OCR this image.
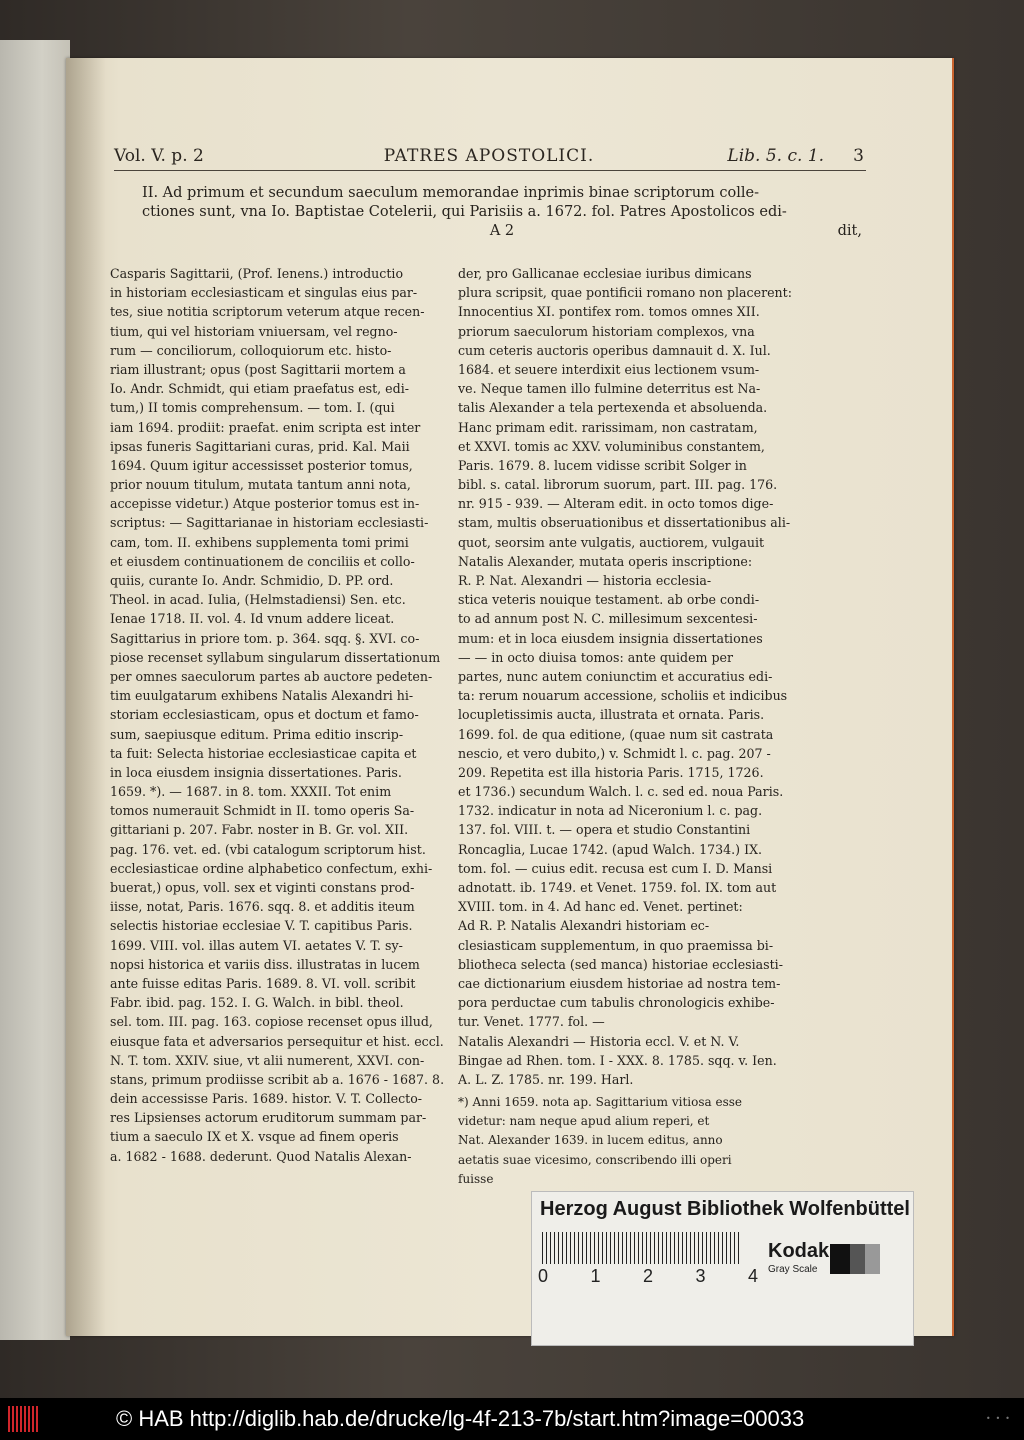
Vol. V. p. 2	PATRES APOSTOLICI.	Lib. 5. c. 1. 3
II. Ad primum et secundum saeculum memorandae inprimis binae scriptorum colle-
ctiones sunt, vna Io. Baptistae Cotelerii, qui Parisiis a. 1672. fol. Patres Apostolicos edi-
A 2	dit,
Casparis Sagittarii, (Prof. Ienens.) introductio
in historiam ecclesiasticam et singulas eius par-
tes, siue notitia scriptorum veterum atque recen-
tium, qui vel historiam vniuersam, vel regno-
rum — conciliorum, colloquiorum etc. histo-
riam illustrant; opus (post Sagittarii mortem a
Io. Andr. Schmidt, qui etiam praefatus est, edi-
tum,) II tomis comprehensum. — tom. I. (qui
iam 1694. prodiit: praefat. enim scripta est inter
ipsas funeris Sagittariani curas, prid. Kal. Maii
1694. Quum igitur accessisset posterior tomus,
prior nouum titulum, mutata tantum anni nota,
accepisse videtur.) Atque posterior tomus est in-
scriptus: — Sagittarianae in historiam ecclesiasti-
cam, tom. II. exhibens supplementa tomi primi
et eiusdem continuationem de conciliis et collo-
quiis, curante Io. Andr. Schmidio, D. PP. ord.
Theol. in acad. Iulia, (Helmstadiensi) Sen. etc.
Ienae 1718. II. vol. 4. Id vnum addere liceat.
Sagittarius in priore tom. p. 364. sqq. §. XVI. co-
piose recenset syllabum singularum dissertationum
per omnes saeculorum partes ab auctore pedeten-
tim euulgatarum exhibens Natalis Alexandri hi-
storiam ecclesiasticam, opus et doctum et famo-
sum, saepiusque editum. Prima editio inscrip-
ta fuit: Selecta historiae ecclesiasticae capita et
in loca eiusdem insignia dissertationes. Paris.
1659. *). — 1687. in 8. tom. XXXII. Tot enim
tomos numerauit Schmidt in II. tomo operis Sa-
gittariani p. 207. Fabr. noster in B. Gr. vol. XII.
pag. 176. vet. ed. (vbi catalogum scriptorum hist.
ecclesiasticae ordine alphabetico confectum, exhi-
buerat,) opus, voll. sex et viginti constans prod-
iisse, notat, Paris. 1676. sqq. 8. et additis iteum
selectis historiae ecclesiae V. T. capitibus Paris.
1699. VIII. vol. illas autem VI. aetates V. T. sy-
nopsi historica et variis diss. illustratas in lucem
ante fuisse editas Paris. 1689. 8. VI. voll. scribit
Fabr. ibid. pag. 152. I. G. Walch. in bibl. theol.
sel. tom. III. pag. 163. copiose recenset opus illud,
eiusque fata et adversarios persequitur et hist. eccl.
N. T. tom. XXIV. siue, vt alii numerent, XXVI. con-
stans, primum prodiisse scribit ab a. 1676 - 1687. 8.
dein accessisse Paris. 1689. histor. V. T. Collecto-
res Lipsienses actorum eruditorum summam par-
tium a saeculo IX et X. vsque ad finem operis
a. 1682 - 1688. dederunt. Quod Natalis Alexan-
der, pro Gallicanae ecclesiae iuribus dimicans
plura scripsit, quae pontificii romano non placerent:
Innocentius XI. pontifex rom. tomos omnes XII.
priorum saeculorum historiam complexos, vna
cum ceteris auctoris operibus damnauit d. X. Iul.
1684. et seuere interdixit eius lectionem vsum-
ve. Neque tamen illo fulmine deterritus est Na-
talis Alexander a tela pertexenda et absoluenda.
Hanc primam edit. rarissimam, non castratam,
et XXVI. tomis ac XXV. voluminibus constantem,
Paris. 1679. 8. lucem vidisse scribit Solger in
bibl. s. catal. librorum suorum, part. III. pag. 176.
nr. 915 - 939. — Alteram edit. in octo tomos dige-
stam, multis obseruationibus et dissertationibus ali-
quot, seorsim ante vulgatis, auctiorem, vulgauit
Natalis Alexander, mutata operis inscriptione:
R. P. Nat. Alexandri — historia ecclesia-
stica veteris nouique testament. ab orbe condi-
to ad annum post N. C. millesimum sexcentesi-
mum: et in loca eiusdem insignia dissertationes
— — in octo diuisa tomos: ante quidem per
partes, nunc autem coniunctim et accuratius edi-
ta: rerum nouarum accessione, scholiis et indicibus
locupletissimis aucta, illustrata et ornata. Paris.
1699. fol. de qua editione, (quae num sit castrata
nescio, et vero dubito,) v. Schmidt l. c. pag. 207 -
209. Repetita est illa historia Paris. 1715, 1726.
et 1736.) secundum Walch. l. c. sed ed. noua Paris.
1732. indicatur in nota ad Niceronium l. c. pag.
137. fol. VIII. t. — opera et studio Constantini
Roncaglia, Lucae 1742. (apud Walch. 1734.) IX.
tom. fol. — cuius edit. recusa est cum I. D. Mansi
adnotatt. ib. 1749. et Venet. 1759. fol. IX. tom aut
XVIII. tom. in 4. Ad hanc ed. Venet. pertinet:
Ad R. P. Natalis Alexandri historiam ec-
clesiasticam supplementum, in quo praemissa bi-
bliotheca selecta (sed manca) historiae ecclesiasti-
cae dictionarium eiusdem historiae ad nostra tem-
pora perductae cum tabulis chronologicis exhibe-
tur. Venet. 1777. fol. —
Natalis Alexandri — Historia eccl. V. et N. V.
Bingae ad Rhen. tom. I - XXX. 8. 1785. sqq. v. Ien.
A. L. Z. 1785. nr. 199. Harl.
*) Anni 1659. nota ap. Sagittarium vitiosa esse
videtur: nam neque apud alium reperi, et
Nat. Alexander 1639. in lucem editus, anno
aetatis suae vicesimo, conscribendo illi operi
fuisse
Herzog August Bibliothek Wolfenbüttel
0 1 2 3 4
Kodak
Gray Scale
© HAB http://diglib.hab.de/drucke/lg-4f-213-7b/start.htm?image=00033	• • •
